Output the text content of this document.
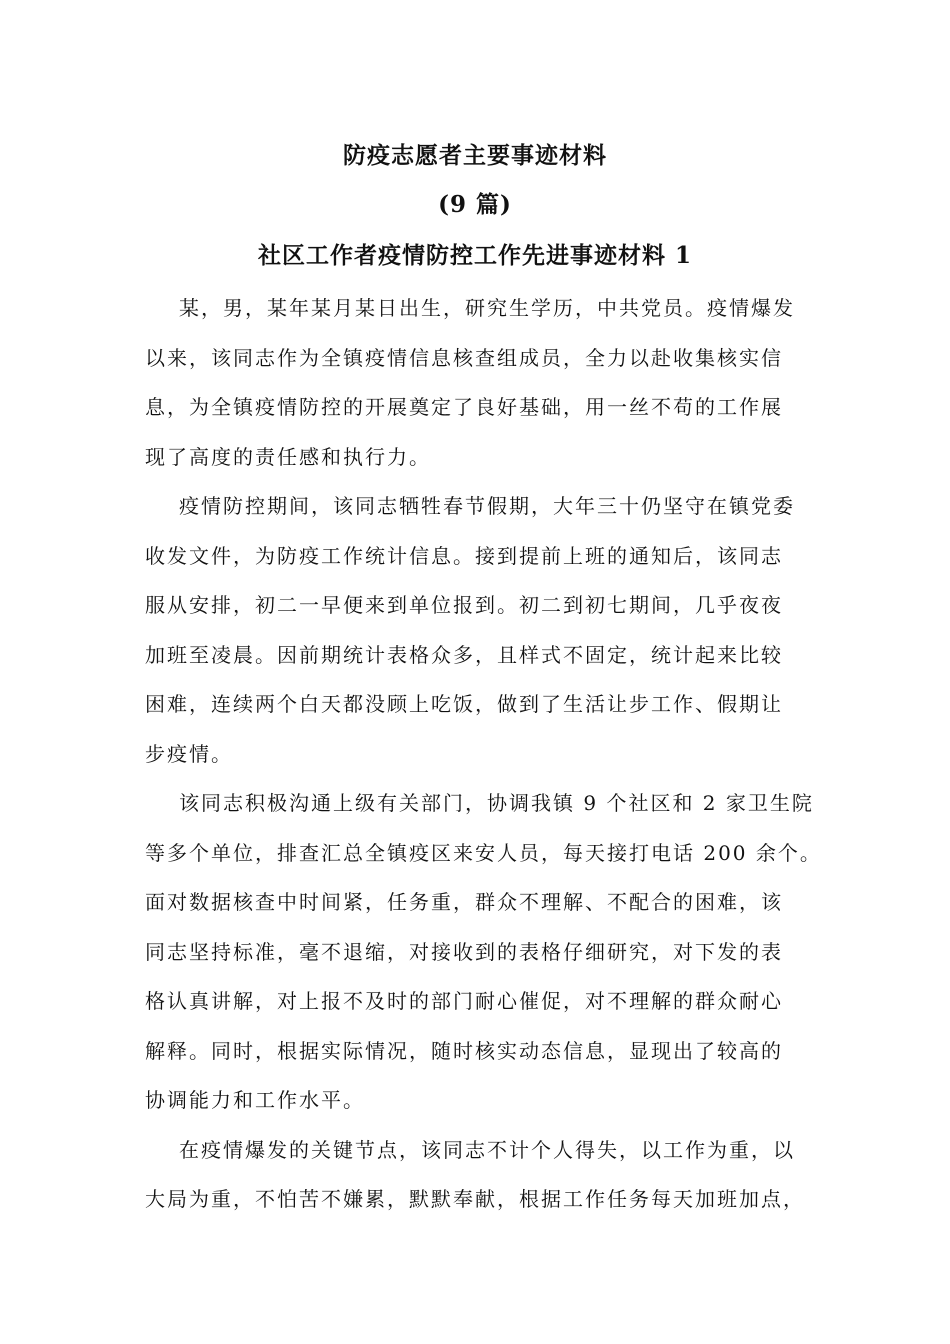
防疫志愿者主要事迹材料
(9 篇)
社区工作者疫情防控工作先进事迹材料 1
某，男，某年某月某日出生，研究生学历，中共党员。疫情爆发
以来，该同志作为全镇疫情信息核查组成员，全力以赴收集核实信
息，为全镇疫情防控的开展奠定了良好基础，用一丝不苟的工作展
现了高度的责任感和执行力。
疫情防控期间，该同志牺牲春节假期，大年三十仍坚守在镇党委
收发文件，为防疫工作统计信息。接到提前上班的通知后，该同志
服从安排，初二一早便来到单位报到。初二到初七期间，几乎夜夜
加班至凌晨。因前期统计表格众多，且样式不固定，统计起来比较
困难，连续两个白天都没顾上吃饭，做到了生活让步工作、假期让
步疫情。
该同志积极沟通上级有关部门，协调我镇 9 个社区和 2 家卫生院
等多个单位，排查汇总全镇疫区来安人员，每天接打电话 200 余个。
面对数据核查中时间紧，任务重，群众不理解、不配合的困难，该
同志坚持标准，毫不退缩，对接收到的表格仔细研究，对下发的表
格认真讲解，对上报不及时的部门耐心催促，对不理解的群众耐心
解释。同时，根据实际情况，随时核实动态信息，显现出了较高的
协调能力和工作水平。
在疫情爆发的关键节点，该同志不计个人得失，以工作为重，以
大局为重，不怕苦不嫌累，默默奉献，根据工作任务每天加班加点，
